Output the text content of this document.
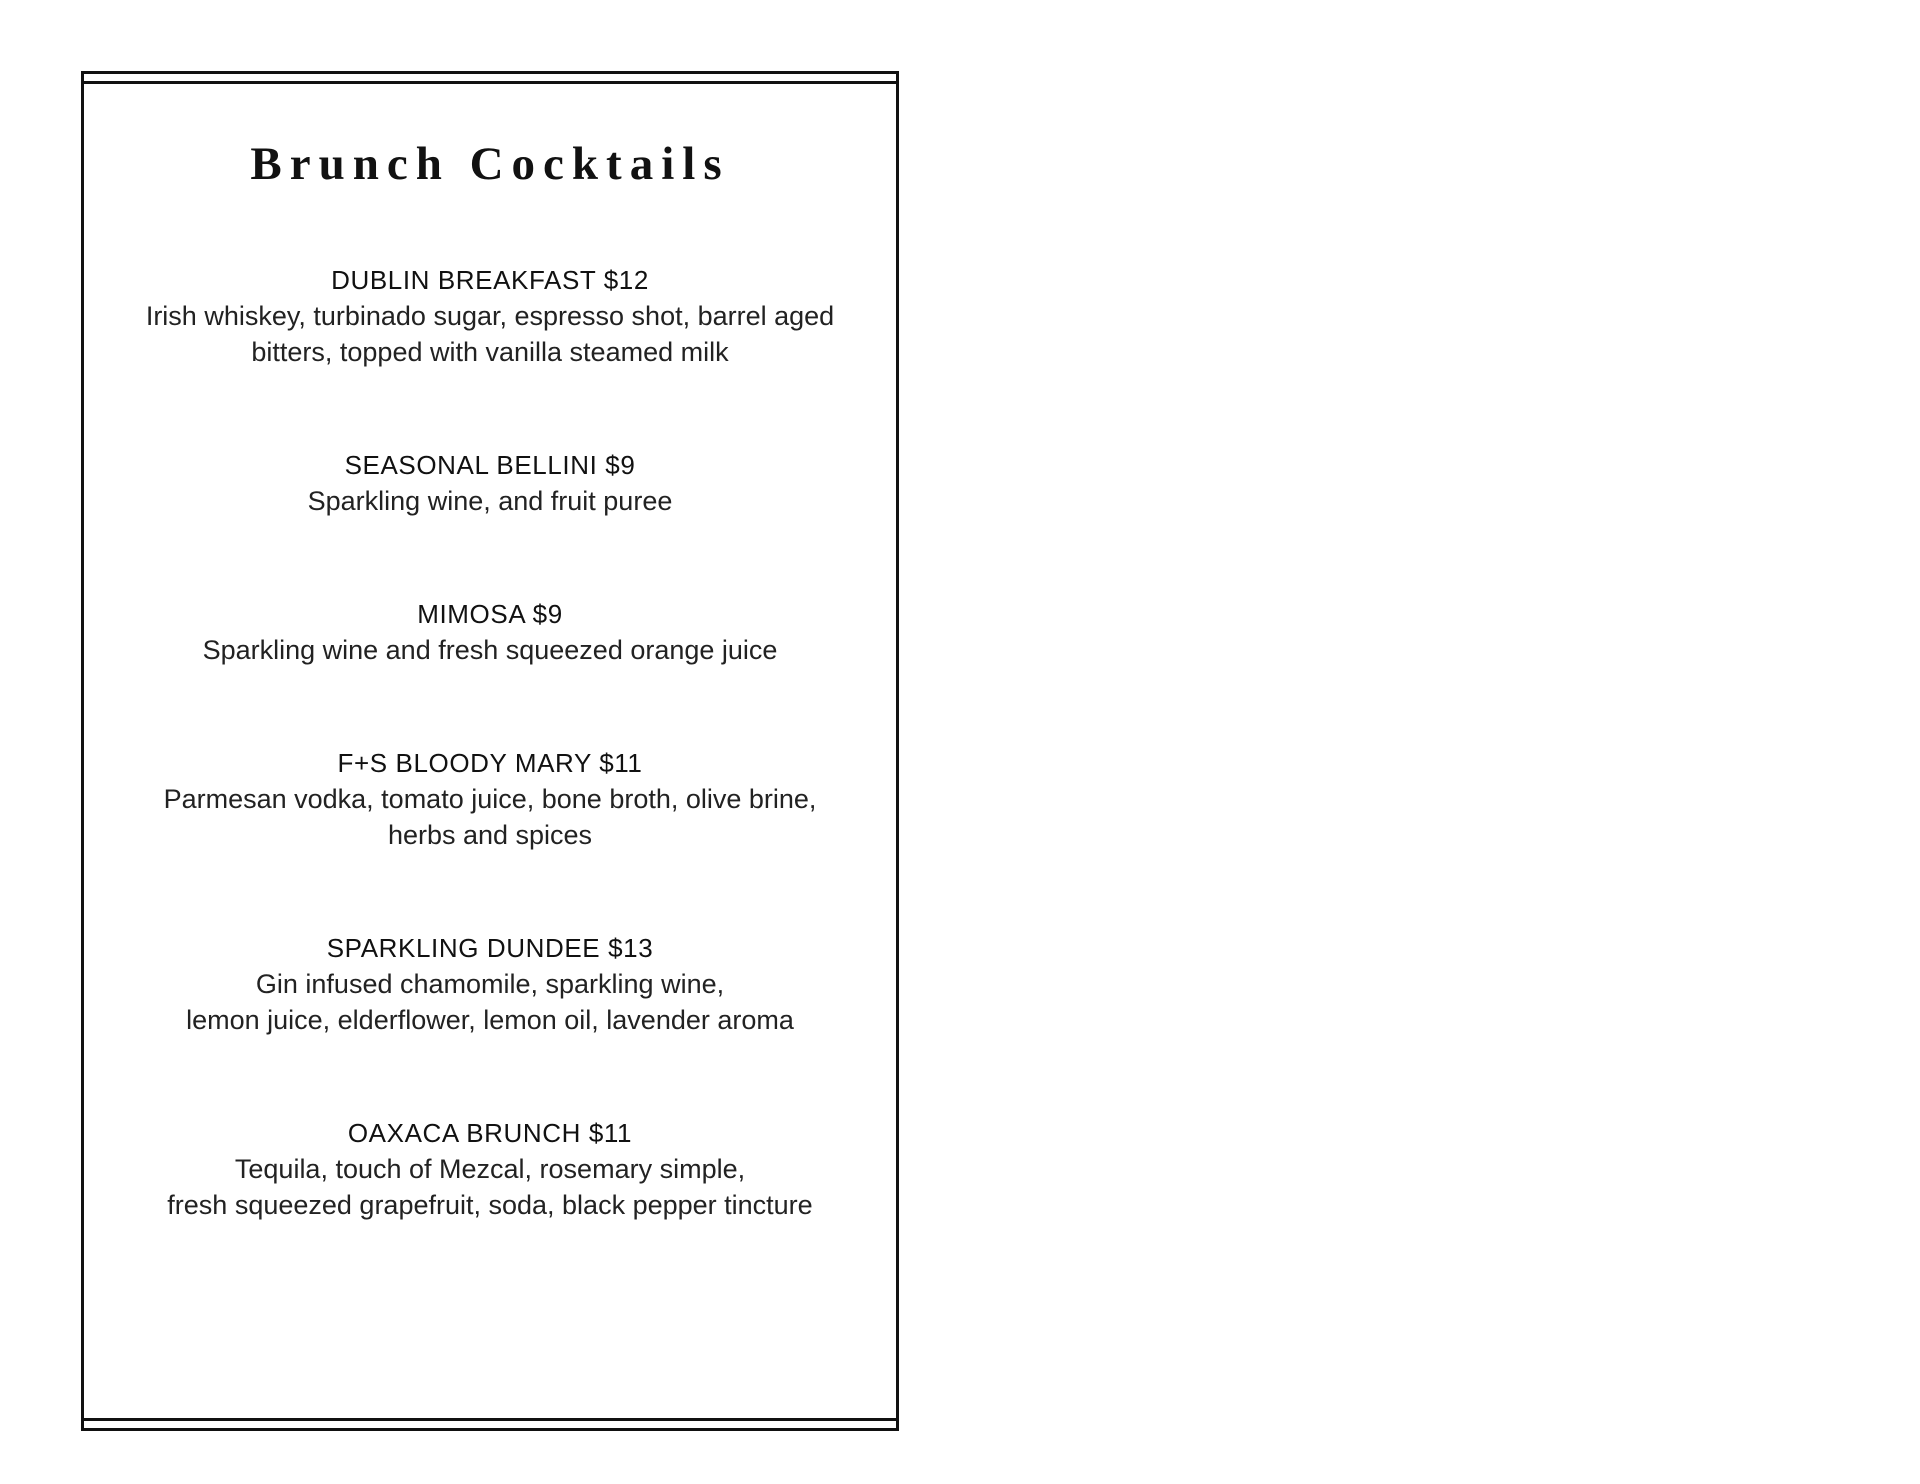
Brunch Cocktails
DUBLIN BREAKFAST $12
Irish whiskey, turbinado sugar, espresso shot, barrel aged
bitters, topped with vanilla steamed milk
SEASONAL BELLINI $9
Sparkling wine, and fruit puree
MIMOSA $9
Sparkling wine and fresh squeezed orange juice
F+S BLOODY MARY $11
Parmesan vodka, tomato juice, bone broth, olive brine,
herbs and spices
SPARKLING DUNDEE $13
Gin infused chamomile, sparkling wine,
lemon juice, elderflower, lemon oil, lavender aroma
OAXACA BRUNCH $11
Tequila, touch of Mezcal, rosemary simple,
fresh squeezed grapefruit, soda, black pepper tincture
